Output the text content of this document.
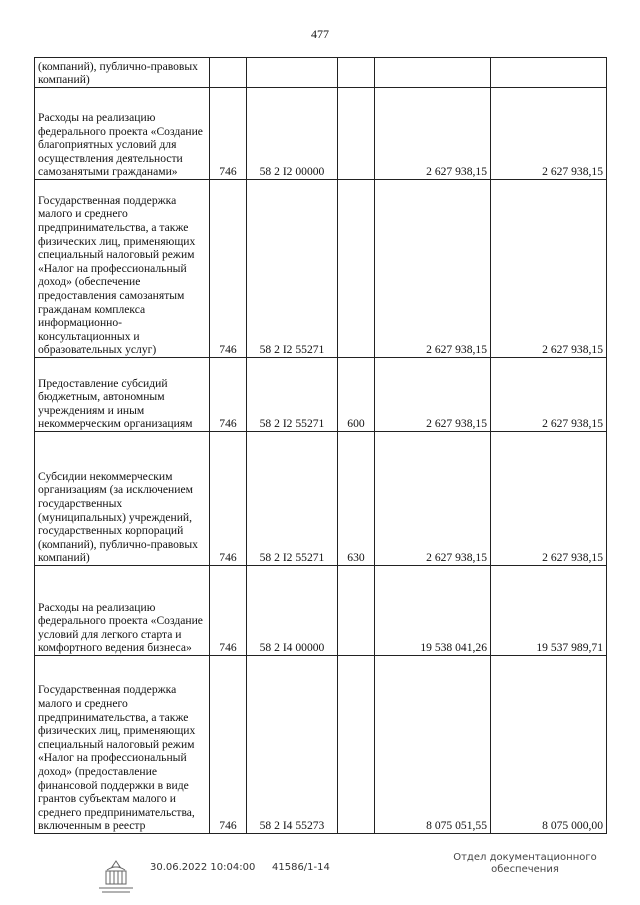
477
(компаний), публично-правовых компаний)					
Расходы на реализацию федерального проекта «Создание благоприятных условий для осуществления деятельности самозанятыми гражданами»	746	58 2 I2 00000		2 627 938,15	2 627 938,15
Государственная поддержка малого и среднего предпринимательства, а также физических лиц, применяющих специальный налоговый режим «Налог на профессиональный доход» (обеспечение предоставления самозанятым гражданам комплекса информационно-консультационных и образовательных услуг)	746	58 2 I2 55271		2 627 938,15	2 627 938,15
Предоставление субсидий бюджетным, автономным учреждениям и иным некоммерческим организациям	746	58 2 I2 55271	600	2 627 938,15	2 627 938,15
Субсидии некоммерческим организациям (за исключением государственных (муниципальных) учреждений, государственных корпораций (компаний), публично-правовых компаний)	746	58 2 I2 55271	630	2 627 938,15	2 627 938,15
Расходы на реализацию федерального проекта «Создание условий для легкого старта и комфортного ведения бизнеса»	746	58 2 I4 00000		19 538 041,26	19 537 989,71
Государственная поддержка малого и среднего предпринимательства, а также физических лиц, применяющих специальный налоговый режим «Налог на профессиональный доход» (предоставление финансовой поддержки в виде грантов субъектам малого и среднего предпринимательства, включенным в реестр	746	58 2 I4 55273		8 075 051,55	8 075 000,00
30.06.2022 10:04:00 41586/1-14
Отдел документационного
обеспечения
